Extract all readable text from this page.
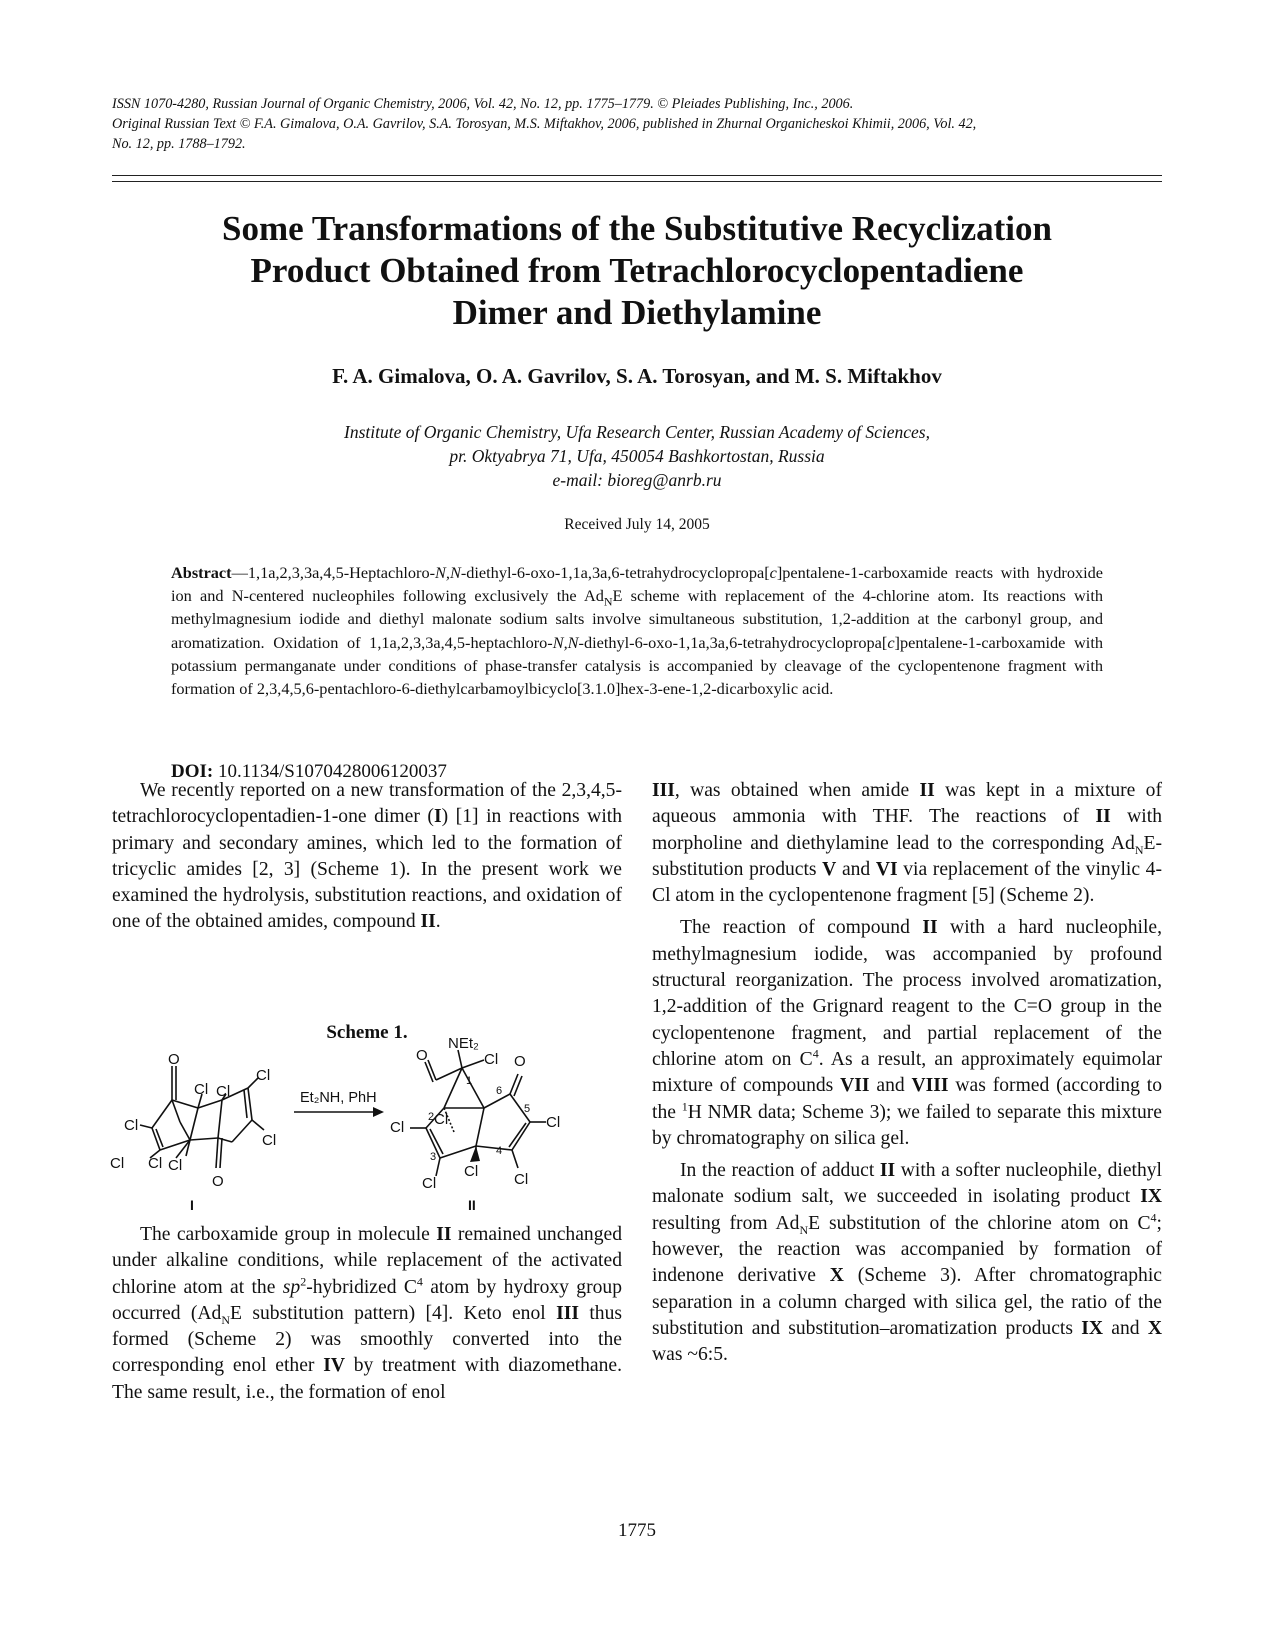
ISSN 1070-4280, Russian Journal of Organic Chemistry, 2006, Vol. 42, No. 12, pp. 1775–1779. © Pleiades Publishing, Inc., 2006.
Original Russian Text © F.A. Gimalova, O.A. Gavrilov, S.A. Torosyan, M.S. Miftakhov, 2006, published in Zhurnal Organicheskoi Khimii, 2006, Vol. 42,
No. 12, pp. 1788–1792.
Some Transformations of the Substitutive Recyclization
Product Obtained from Tetrachlorocyclopentadiene
Dimer and Diethylamine
F. A. Gimalova, O. A. Gavrilov, S. A. Torosyan, and M. S. Miftakhov
Institute of Organic Chemistry, Ufa Research Center, Russian Academy of Sciences,
pr. Oktyabrya 71, Ufa, 450054 Bashkortostan, Russia
e-mail: bioreg@anrb.ru
Received July 14, 2005
Abstract—1,1a,2,3,3a,4,5-Heptachloro-N,N-diethyl-6-oxo-1,1a,3a,6-tetrahydrocyclopropa[c]pentalene-1-carboxamide reacts with hydroxide ion and N-centered nucleophiles following exclusively the $Ad_NE$ scheme with replacement of the 4-chlorine atom. Its reactions with methylmagnesium iodide and diethyl malonate sodium salts involve simultaneous substitution, 1,2-addition at the carbonyl group, and aromatization. Oxidation of 1,1a,2,3,3a,4,5-heptachloro-N,N-diethyl-6-oxo-1,1a,3a,6-tetrahydrocyclopropa[c]pentalene-1-carboxamide with potassium permanganate under conditions of phase-transfer catalysis is accompanied by cleavage of the cyclopentenone fragment with formation of 2,3,4,5,6-pentachloro-6-diethylcarbamoylbicyclo[3.1.0]hex-3-ene-1,2-dicarboxylic acid.
DOI: 10.1134/S1070428006120037

We recently reported on a new transformation of the 2,3,4,5-tetrachlorocyclopentadien-1-one dimer (I) [1] in reactions with primary and secondary amines, which led to the formation of tricyclic amides [2, 3] (Scheme 1). In the present work we examined the hydrolysis, substitution reactions, and oxidation of one of the obtained amides, compound II.

Scheme 1.
O
Cl
Cl Cl
Cl
Cl Cl Cl
Cl
O
I
Et₂NH, PhH
NEt₂
Cl
O
Cl
O
Cl	Cl
Cl
Cl Cl
1
2
3	4
5
6
II

The carboxamide group in molecule II remained unchanged under alkaline conditions, while replacement of the activated chlorine atom at the $sp^2$-hybridized $C^4$ atom by hydroxy group occurred ($Ad_NE$ substitution pattern) [4]. Keto enol III thus formed (Scheme 2) was smoothly converted into the corresponding enol ether IV by treatment with diazomethane. The same result, i.e., the formation of enol

III, was obtained when amide II was kept in a mixture of aqueous ammonia with THF. The reactions of II with morpholine and diethylamine lead to the corresponding $Ad_NE$-substitution products V and VI via replacement of the vinylic 4-Cl atom in the cyclopentenone fragment [5] (Scheme 2).

The reaction of compound II with a hard nucleophile, methylmagnesium iodide, was accompanied by profound structural reorganization. The process involved aromatization, 1,2-addition of the Grignard reagent to the C=O group in the cyclopentenone fragment, and partial replacement of the chlorine atom on $C^4$. As a result, an approximately equimolar mixture of compounds VII and VIII was formed (according to the $^1$H NMR data; Scheme 3); we failed to separate this mixture by chromatography on silica gel.

In the reaction of adduct II with a softer nucleophile, diethyl malonate sodium salt, we succeeded in isolating product IX resulting from $Ad_NE$ substitution of the chlorine atom on $C^4$; however, the reaction was accompanied by formation of indenone derivative X (Scheme 3). After chromatographic separation in a column charged with silica gel, the ratio of the substitution and substitution–aromatization products IX and X was ~6:5.

1775
